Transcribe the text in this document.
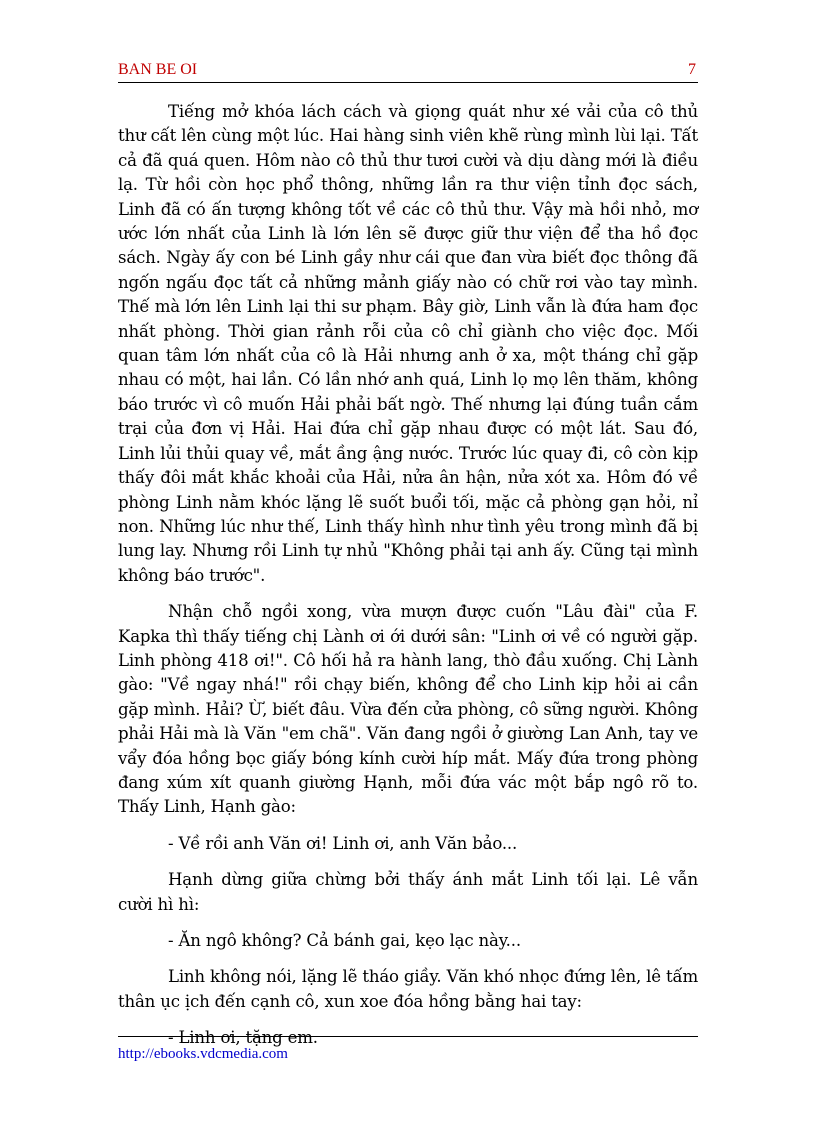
BAN BE OI	7

Tiếng mở khóa lách cách và giọng quát như xé vải của cô thủ thư cất lên cùng một lúc. Hai hàng sinh viên khẽ rùng mình lùi lại. Tất cả đã quá quen. Hôm nào cô thủ thư tươi cười và dịu dàng mới là điều lạ. Từ hồi còn học phổ thông, những lần ra thư viện tỉnh đọc sách, Linh đã có ấn tượng không tốt về các cô thủ thư. Vậy mà hồi nhỏ, mơ ước lớn nhất của Linh là lớn lên sẽ được giữ thư viện để tha hồ đọc sách. Ngày ấy con bé Linh gầy như cái que đan vừa biết đọc thông đã ngốn ngấu đọc tất cả những mảnh giấy nào có chữ rơi vào tay mình. Thế mà lớn lên Linh lại thi sư phạm. Bây giờ, Linh vẫn là đứa ham đọc nhất phòng. Thời gian rảnh rỗi của cô chỉ giành cho việc đọc. Mối quan tâm lớn nhất của cô là Hải nhưng anh ở xa, một tháng chỉ gặp nhau có một, hai lần. Có lần nhớ anh quá, Linh lọ mọ lên thăm, không báo trước vì cô muốn Hải phải bất ngờ. Thế nhưng lại đúng tuần cắm trại của đơn vị Hải. Hai đứa chỉ gặp nhau được có một lát. Sau đó, Linh lủi thủi quay về, mắt ầng ậng nước. Trước lúc quay đi, cô còn kịp thấy đôi mắt khắc khoải của Hải, nửa ân hận, nửa xót xa. Hôm đó về phòng Linh nằm khóc lặng lẽ suốt buổi tối, mặc cả phòng gạn hỏi, nỉ non. Những lúc như thế, Linh thấy hình như tình yêu trong mình đã bị lung lay. Nhưng rồi Linh tự nhủ "Không phải tại anh ấy. Cũng tại mình không báo trước".

Nhận chỗ ngồi xong, vừa mượn được cuốn "Lâu đài" của F. Kapka thì thấy tiếng chị Lành ơi ới dưới sân: "Linh ơi về có người gặp. Linh phòng 418 ơi!". Cô hối hả ra hành lang, thò đầu xuống. Chị Lành gào: "Về ngay nhá!" rồi chạy biến, không để cho Linh kịp hỏi ai cần gặp mình. Hải? Ừ, biết đâu. Vừa đến cửa phòng, cô sững người. Không phải Hải mà là Văn "em chã". Văn đang ngồi ở giường Lan Anh, tay ve vẩy đóa hồng bọc giấy bóng kính cười híp mắt. Mấy đứa trong phòng đang xúm xít quanh giường Hạnh, mỗi đứa vác một bắp ngô rõ to. Thấy Linh, Hạnh gào:

- Về rồi anh Văn ơi! Linh ơi, anh Văn bảo...

Hạnh dừng giữa chừng bởi thấy ánh mắt Linh tối lại. Lê vẫn cười hì hì:

- Ăn ngô không? Cả bánh gai, kẹo lạc này...

Linh không nói, lặng lẽ tháo giầy. Văn khó nhọc đứng lên, lê tấm thân ục ịch đến cạnh cô, xun xoe đóa hồng bằng hai tay:

- Linh ơi, tặng em.

http://ebooks.vdcmedia.com
